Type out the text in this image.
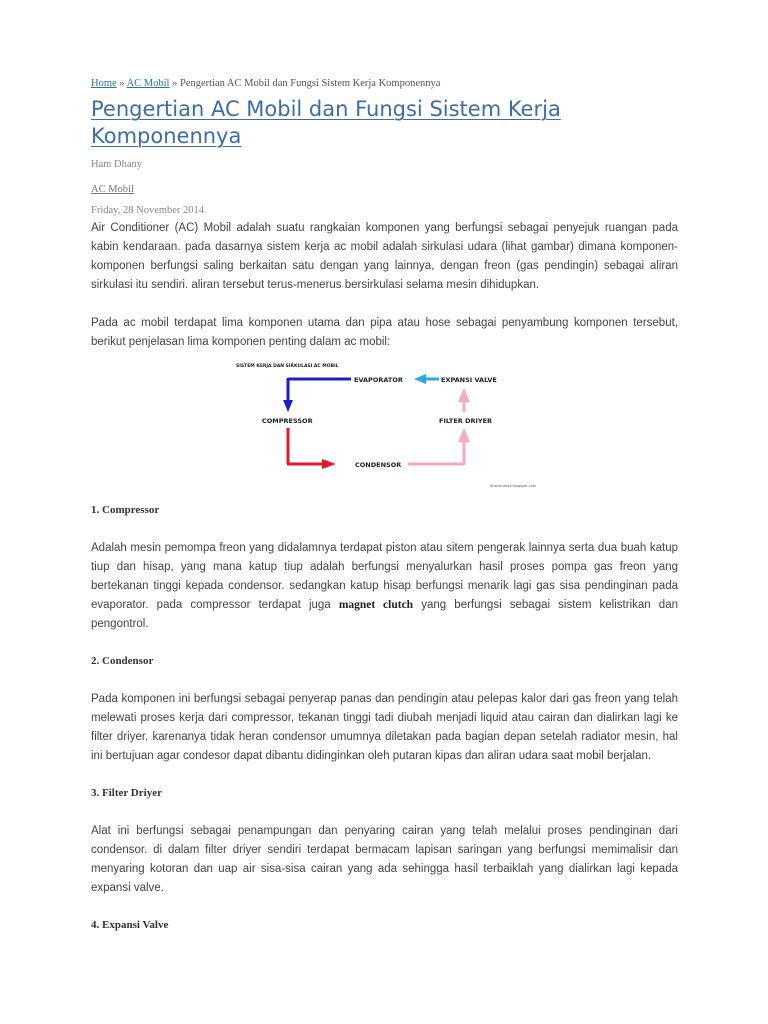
Home » AC Mobil » Pengertian AC Mobil dan Fungsi Sistem Kerja Komponennya
Pengertian AC Mobil dan Fungsi Sistem Kerja Komponennya
Ham Dhany
AC Mobil
Friday, 28 November 2014

Air Conditioner (AC) Mobil adalah suatu rangkaian komponen yang berfungsi sebagai penyejuk ruangan pada kabin kendaraan. pada dasarnya sistem kerja ac mobil adalah sirkulasi udara (lihat gambar) dimana komponen-komponen berfungsi saling berkaitan satu dengan yang lainnya, dengan freon (gas pendingin) sebagai aliran sirkulasi itu sendiri. aliran tersebut terus-menerus bersirkulasi selama mesin dihidupkan.

Pada ac mobil terdapat lima komponen utama dan pipa atau hose sebagai penyambung komponen tersebut, berikut penjelasan lima komponen penting dalam ac mobil:

SISTEM KERJA DAN SIRKULASI AC MOBIL
EVAPORATOR	EXPANSI VALVE
COMPRESSOR	FILTER DRIYER
CONDENSOR
dhanisumex.blogspot.com
1. Compressor

Adalah mesin pemompa freon yang didalamnya terdapat piston atau sitem pengerak lainnya serta dua buah katup tiup dan hisap, yang mana katup tiup adalah berfungsi menyalurkan hasil proses pompa gas freon yang bertekanan tinggi kepada condensor. sedangkan katup hisap berfungsi menarik lagi gas sisa pendinginan pada evaporator. pada compressor terdapat juga magnet clutch yang berfungsi sebagai sistem kelistrikan dan pengontrol.

2. Condensor

Pada komponen ini berfungsi sebagai penyerap panas dan pendingin atau pelepas kalor dari gas freon yang telah melewati proses kerja dari compressor, tekanan tinggi tadi diubah menjadi liquid atau cairan dan dialirkan lagi ke filter driyer. karenanya tidak heran condensor umumnya diletakan pada bagian depan setelah radiator mesin, hal ini bertujuan agar condesor dapat dibantu didinginkan oleh putaran kipas dan aliran udara saat mobil berjalan.

3. Filter Driyer

Alat ini berfungsi sebagai penampungan dan penyaring cairan yang telah melalui proses pendinginan dari condensor. di dalam filter driyer sendiri terdapat bermacam lapisan saringan yang berfungsi memimalisir dan menyaring kotoran dan uap air sisa-sisa cairan yang ada sehingga hasil terbaiklah yang dialirkan lagi kepada expansi valve.

4. Expansi Valve
